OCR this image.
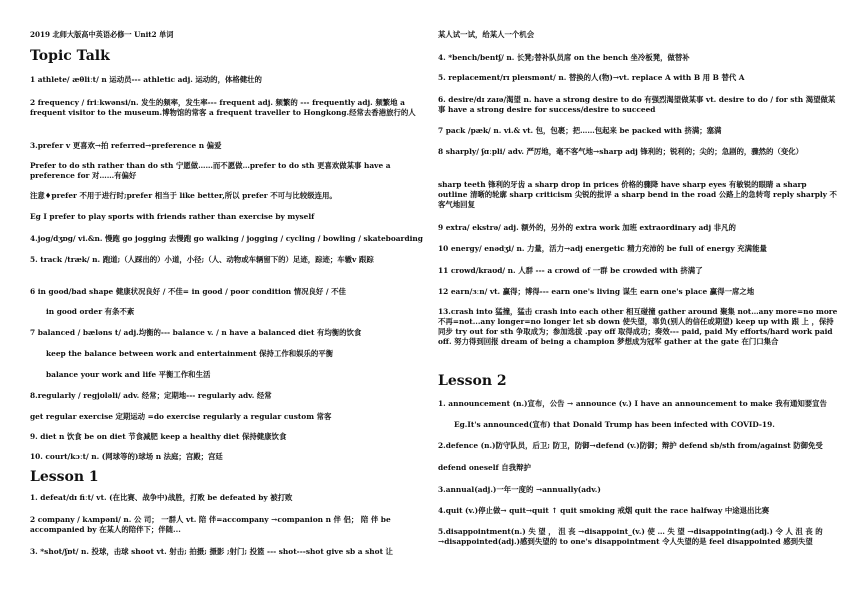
2019 北师大版高中英语必修一 Unit2 单词
Topic Talk
1 athlete/ æθliːt/ n 运动员--- athletic adj. 运动的，体格健壮的
2 frequency / friːkwənsi/n. 发生的频率，发生率--- frequent adj. 频繁的 --- frequently adj. 频繁地 a frequent visitor to the museum.博物馆的常客 a frequent traveller to Hongkong.经常去香港旅行的人
3.prefer v 更喜欢→拍 referred→preference n 偏爱
Prefer to do sth rather than do sth 宁愿做……而不愿做…prefer to do sth 更喜欢做某事 have a preference for 对……有偏好
注意♦prefer 不用于进行时;prefer 相当于 like better,所以 prefer 不可与比较级连用。
Eg I prefer to play sports with friends rather than exercise by myself
4.jog/dʒɒg/ vi.&n. 慢跑 go jogging 去慢跑 go walking / jogging / cycling / bowling / skateboarding
5. track /træk/ n. 跑道;（人踩出的）小道，小径;（人、动物或车辆留下的）足迹，踪迹；车辙v 跟踪
6 in good/bad shape 健康状况良好 / 不佳= in good / poor condition 情况良好 / 不佳
in good order 有条不紊
7 balanced / bæləns t/ adj.均衡的--- balance v. / n have a balanced diet 有均衡的饮食
keep the balance between work and entertainment 保持工作和娱乐的平衡
balance your work and life 平衡工作和生活
8.regularly / regjʊləli/ adv. 经常；定期地--- regularly adv. 经常
get regular exercise 定期运动 =do exercise regularly a regular custom 常客
9. diet n 饮食 be on diet 节食减肥 keep a healthy diet 保持健康饮食
10. court/kɔːt/ n. (网球等的)球场 n 法庭；宫殿；宫廷
Lesson 1
1. defeat/dɪ fiːt/ vt. (在比赛、战争中)战胜，打败 be defeated by 被打败
2 company / kʌmpəni/ n. 公 司； 一群人 vt. 陪 伴=accompany →companion n 伴 侣； 陪 伴 be accompanied by 在某人的陪伴下；伴随...
3. *shot/ʃɒt/ n. 投球，击球 shoot vt. 射击; 拍摄; 摄影 ;射门; 投篮 --- shot---shot give sb a shot 让
某人试一试，给某人一个机会
4. *bench/bentʃ/ n. 长凳;替补队员席 on the bench 坐冷板凳，做替补
5. replacement/rɪ pleɪsmənt/ n. 替换的人(物)→vt. replace A with B 用 B 替代 A
6. desire/dɪ zaɪə/渴望 n. have a strong desire to do 有强烈渴望做某事 vt. desire to do / for sth 渴望做某事 have a strong desire for success/desire to succeed
7 pack /pæk/ n. vi.& vt. 包，包裹；把……包起来 be packed with 挤满；塞满
8 sharply/ ʃɑːpli/ adv. 严厉地，毫不客气地→sharp adj 锋利的；锐利的；尖的；急剧的，骤然的（变化）
sharp teeth 锋利的牙齿 a sharp drop in prices 价格的骤降 have sharp eyes 有敏锐的眼睛 a sharp outline 清晰的轮廓 sharp criticism 尖锐的批评 a sharp bend in the road 公路上的急转弯 reply sharply 不客气地回复
9 extra/ ekstrə/ adj. 额外的，另外的 extra work 加班 extraordinary adj 非凡的
10 energy/ enədʒi/ n. 力量，活力→adj energetic 精力充沛的 be full of energy 充满能量
11 crowd/kraʊd/ n. 人群 --- a crowd of 一群 be crowded with 挤满了
12 earn/ɜːn/ vt. 赢得；博得--- earn one's living 谋生 earn one's place 赢得一席之地
13.crash into 猛撞，猛击 crash into each other 相互碰撞 gather around 聚集 not…any more=no more 不再=not...any longer=no longer let sb down 使失望，辜负(别人的信任或期望) keep up with 跟 上 ，保持同步 try out for sth 争取成为；参加选拔 .pay off 取得成功；奏效--- paid, paid My efforts/hard work paid off. 努力得到回报 dream of being a champion 梦想成为冠军 gather at the gate 在门口集合
Lesson 2
1. announcement (n.)宣布，公告 → announce (v.) I have an announcement to make 我有通知要宣告
Eg.It's announced(宣布) that Donald Trump has been infected with COVID-19.
2.defence (n.)防守队员，后卫; 防卫，防御→defend (v.)防御；辩护 defend sb/sth from/against 防御免受
defend oneself 自我辩护
3.annual(adj.)一年一度的 →annually(adv.)
4.quit (v.)停止做→ quit→quit ↑ quit smoking 戒烟 quit the race halfway 中途退出比赛
5.disappointment(n.) 失 望 ， 沮 丧 →disappoint_(v.) 使 … 失 望 →disappointing(adj.) 令 人 沮 丧 的 →disappointed(adj.)感到失望的 to one's disappointment 令人失望的是 feel disappointed 感到失望
